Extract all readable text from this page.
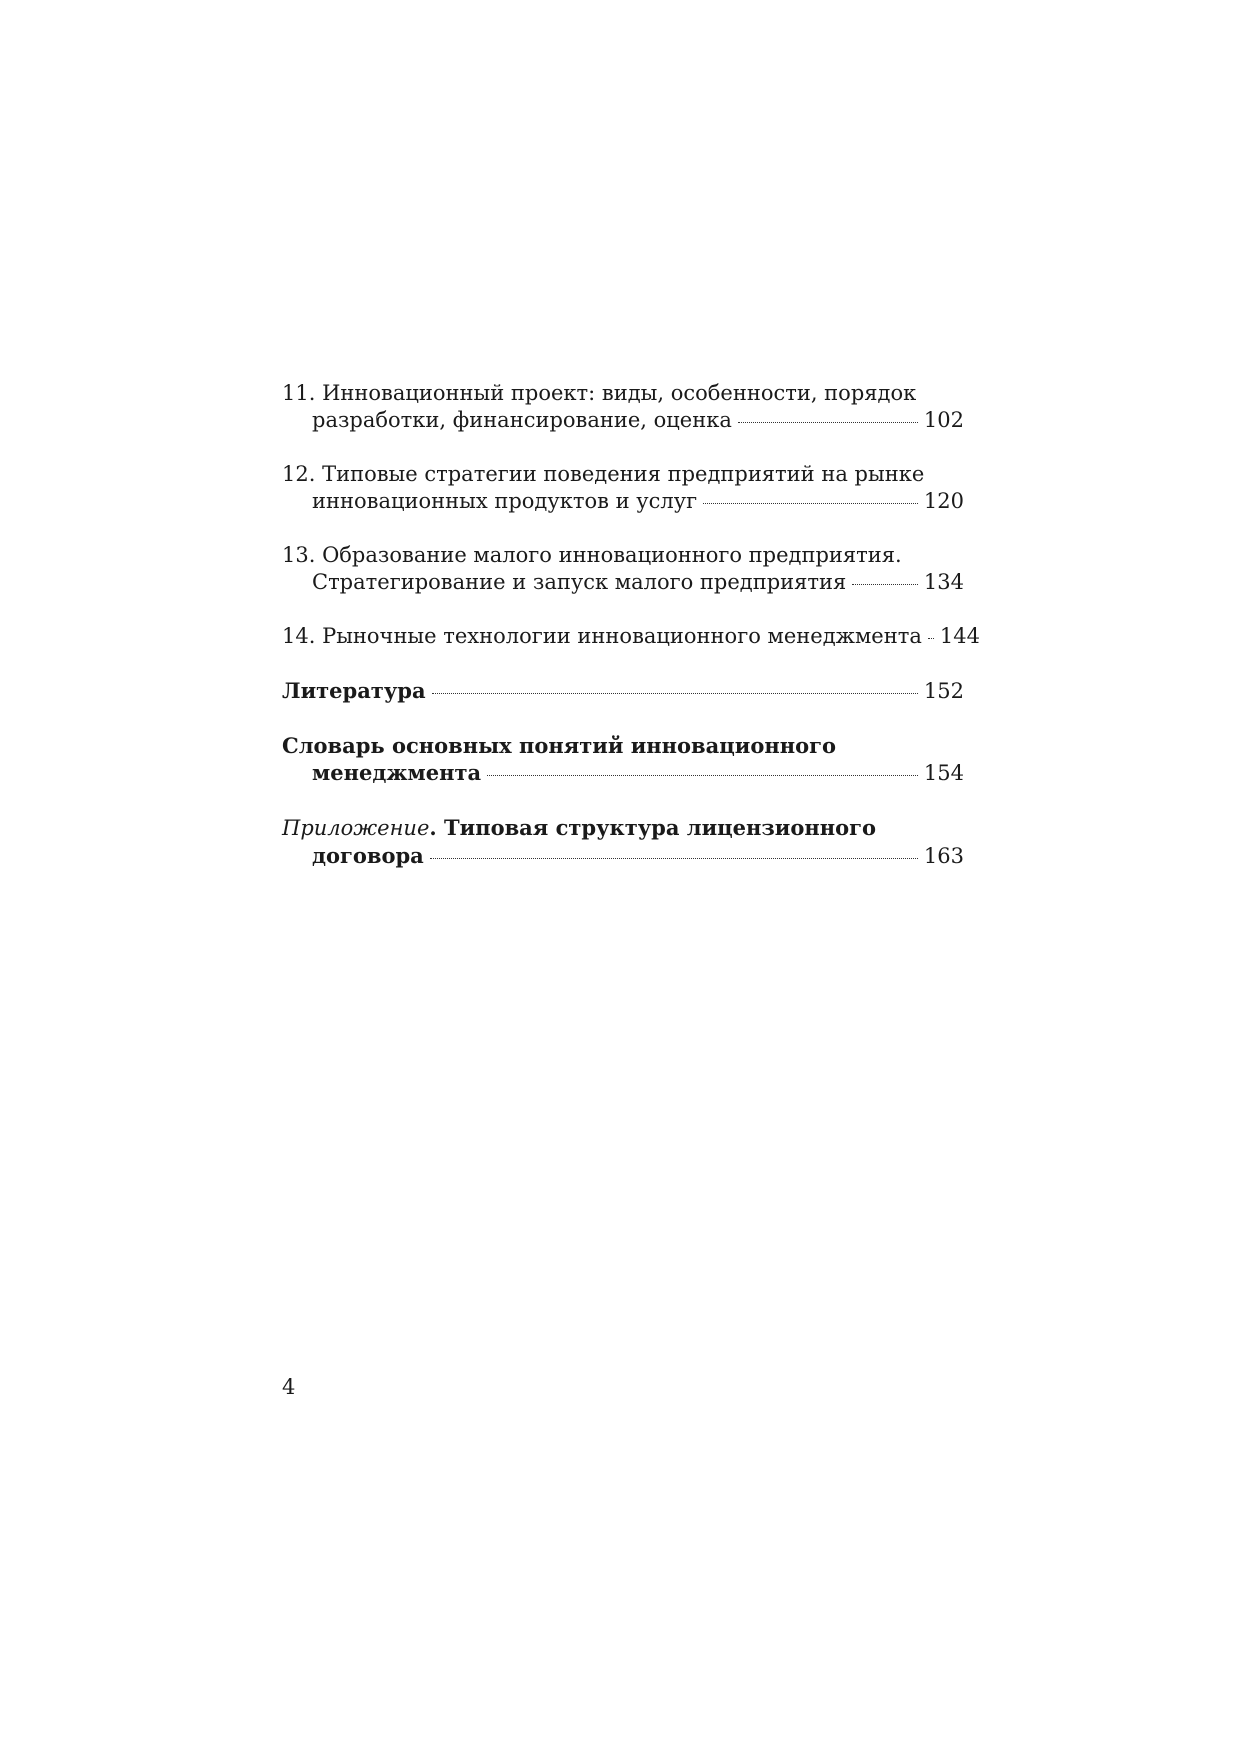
11. Инновационный проект: виды, особенности, порядок
разработки, финансирование, оценка	102
12. Типовые стратегии поведения предприятий на рынке
инновационных продуктов и услуг	120
13. Образование малого инновационного предприятия.
Стратегирование и запуск малого предприятия	134
14. Рыночные технологии инновационного менеджмента 144
Литература	152
Словарь основных понятий инновационного
менеджмента	154
Приложение. Типовая структура лицензионного
договора	163
4
